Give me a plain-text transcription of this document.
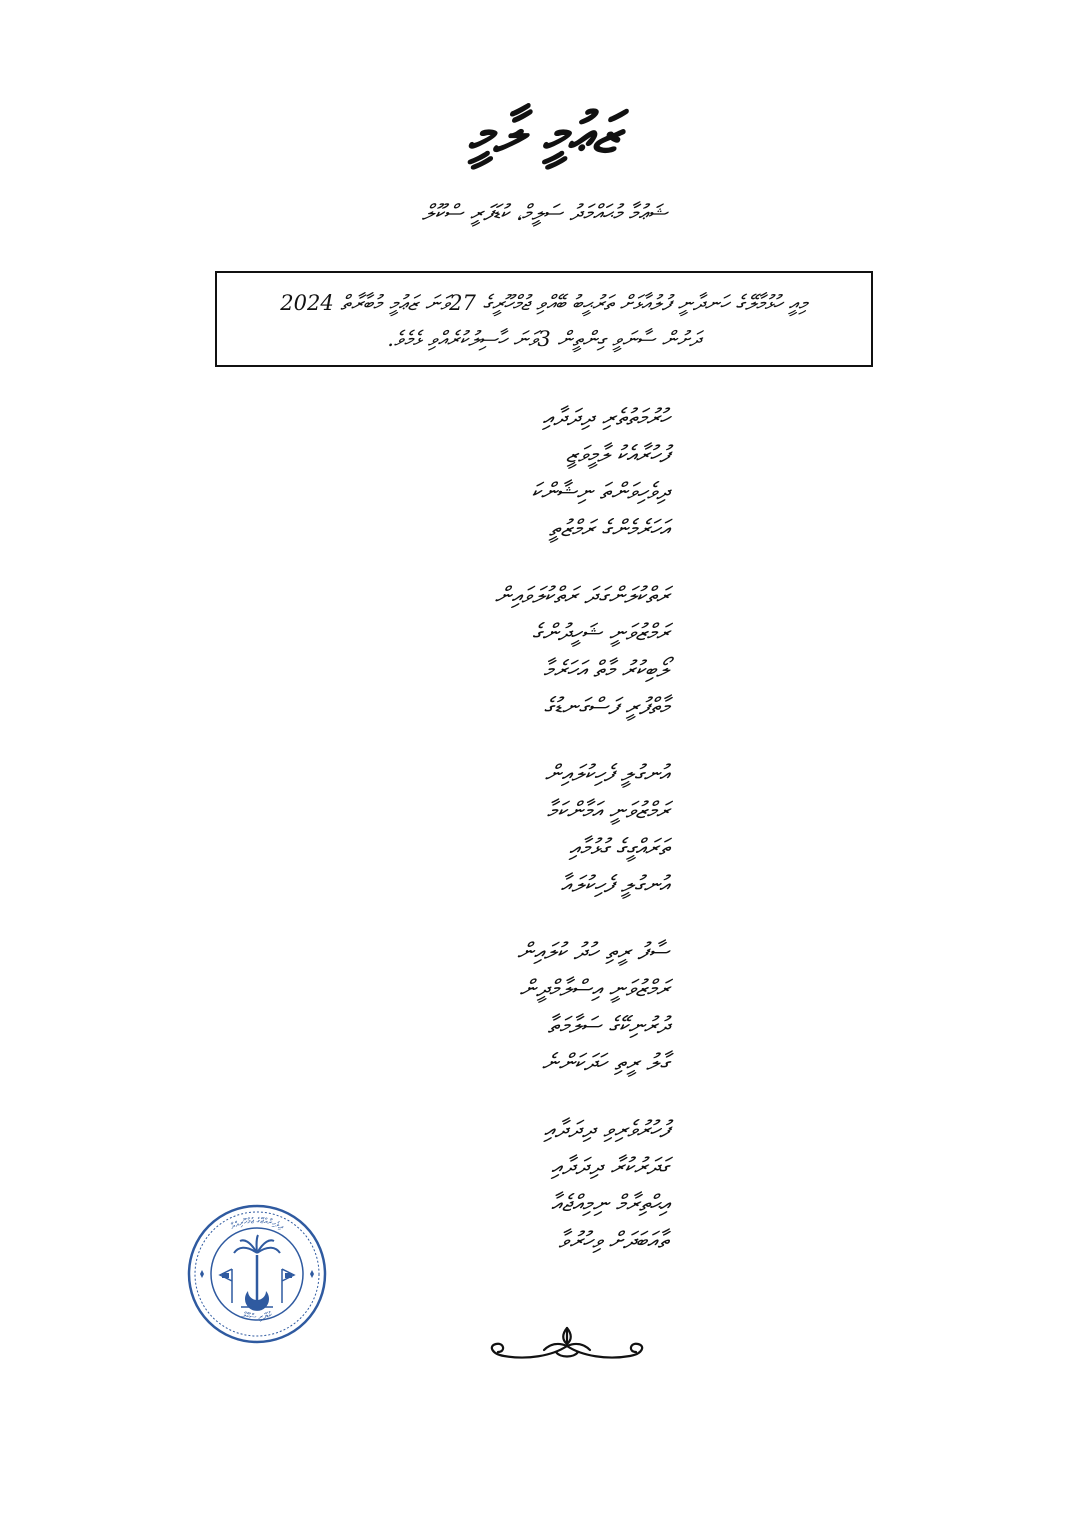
ޒަޢުމީ ލާމީ
ޝަޢުމާ މުޙައްމަދު ސަލީމް، ކުޑަފަރީ ސްކޫލް
މިއީ ހުޅުމާލޭގެ ހަނދާނީ ފުލުއާޅަށް ތަރުޙީބު ބޭއްވި ޖުމްހޫރީގެ 27ވަނަ ޒަޢުމީ މުބާރާތް 2024
ދަށުން ސާނަވީ ގިންތީން 3ވަނަ ހާސިލުކުރެއްވި ޅެމެވެ.
ހުރުމަތުތެރި ދިދަދާއި
ފުހުރާއެކު ލާމީވަޒީ
ދިވެހިވަންތަ ނިޝާންކަ
އަހަރެމެންގެ ރަމްޒުތީ
ރަތްކުލަންގަދަ ރަތްކުލަވައިން
ރަމްޒުވަނީ ޝަހީދުންގެ
ލޯބިކުރު މާތް އަހަރެމާ
މާތްފުރީ ފަސްގަނޑުގެ
އުނގުލީ ފެހިކުލައިން
ރަމްޒުވަނީ އަމާންކަމާ
ތަރައްގީގެ ގުޅުމާއި
އުނގުލީ ފެހިކުލައާ
ސާފު ރީތި ހުދު ކުލައިން
ރަމްޒުވަނީ އިސްލާމްދީން
ދުރުނިކޭގެ ސަލާމަތާ
ގާލު ރީތި ހަދަކަންނެ
ފުހުރުވެރިވި ދިދަދާއި
ގަދަރުކުރާ ދިދަދާއި
އިޙްތިރާމް ނިމިއްޖެއާ
ތާއަބަދަށް ވިހުރުވާ
ދިވެހިރާއްޖޭގެ ޖުމްހޫރިއްޔާ
ކުޑަފަރީ ސްކޫލް
